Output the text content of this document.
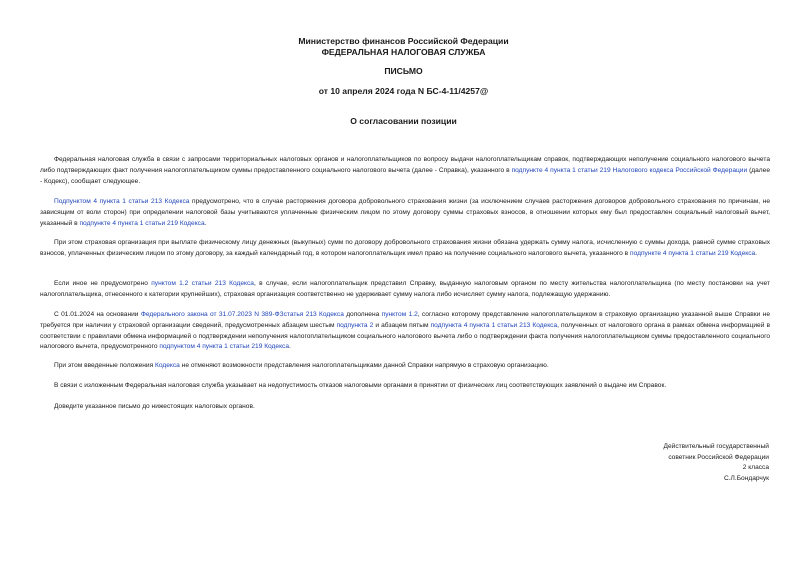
Министерство финансов Российской Федерации
ФЕДЕРАЛЬНАЯ НАЛОГОВАЯ СЛУЖБА
ПИСЬМО
от 10 апреля 2024 года N БС-4-11/4257@
О согласовании позиции

Федеральная налоговая служба в связи с запросами территориальных налоговых органов и налогоплательщиков по вопросу выдачи налогоплательщикам справок, подтверждающих неполучение социального налогового вычета либо подтверждающих факт получения налогоплательщиком суммы предоставленного социального налогового вычета (далее - Справка), указанного в подпункте 4 пункта 1 статьи 219 Налогового кодекса Российской Федерации (далее - Кодекс), сообщает следующее.

Подпунктом 4 пункта 1 статьи 213 Кодекса предусмотрено, что в случае расторжения договора добровольного страхования жизни (за исключением случаев расторжения договоров добровольного страхования по причинам, не зависящим от воли сторон) при определении налоговой базы учитываются уплаченные физическим лицом по этому договору суммы страховых взносов, в отношении которых ему был предоставлен социальный налоговый вычет, указанный в подпункте 4 пункта 1 статьи 219 Кодекса.

При этом страховая организация при выплате физическому лицу денежных (выкупных) сумм по договору добровольного страхования жизни обязана удержать сумму налога, исчисленную с суммы дохода, равной сумме страховых взносов, уплаченных физическим лицом по этому договору, за каждый календарный год, в котором налогоплательщик имел право на получение социального налогового вычета, указанного в подпункте 4 пункта 1 статьи 219 Кодекса.

Если иное не предусмотрено пунктом 1.2 статьи 213 Кодекса, в случае, если налогоплательщик представил Справку, выданную налоговым органом по месту жительства налогоплательщика (по месту постановки на учет налогоплательщика, отнесенного к категории крупнейших), страховая организация соответственно не удерживает сумму налога либо исчисляет сумму налога, подлежащую удержанию.

С 01.01.2024 на основании Федерального закона от 31.07.2023 N 389-ФЗстатья 213 Кодекса дополнена пунктом 1.2, согласно которому представление налогоплательщиком в страховую организацию указанной выше Справки не требуется при наличии у страховой организации сведений, предусмотренных абзацем шестым подпункта 2 и абзацем пятым подпункта 4 пункта 1 статьи 213 Кодекса, полученных от налогового органа в рамках обмена информацией в соответствии с правилами обмена информацией о подтверждении неполучения налогоплательщиком социального налогового вычета либо о подтверждении факта получения налогоплательщиком суммы предоставленного социального налогового вычета, предусмотренного подпунктом 4 пункта 1 статьи 219 Кодекса.

При этом введенные положения Кодекса не отменяют возможности представления налогоплательщиками данной Справки напрямую в страховую организацию.

В связи с изложенным Федеральная налоговая служба указывает на недопустимость отказов налоговыми органами в принятии от физических лиц соответствующих заявлений о выдаче им Справок.

Доведите указанное письмо до нижестоящих налоговых органов.

Действительный государственный
советник Российской Федерации
2 класса
С.Л.Бондарчук
